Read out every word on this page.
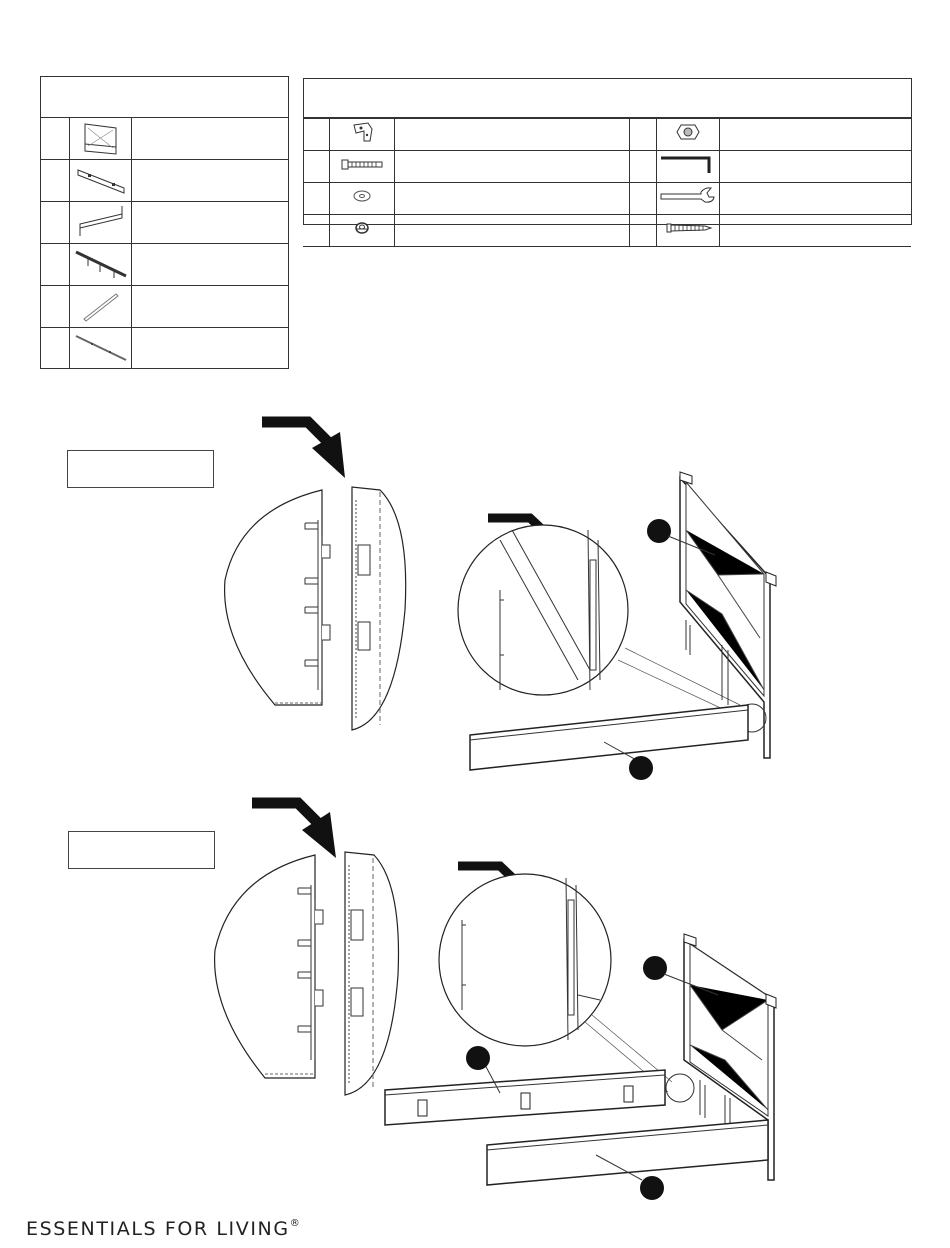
ESSENTIALS FOR LIVING®
